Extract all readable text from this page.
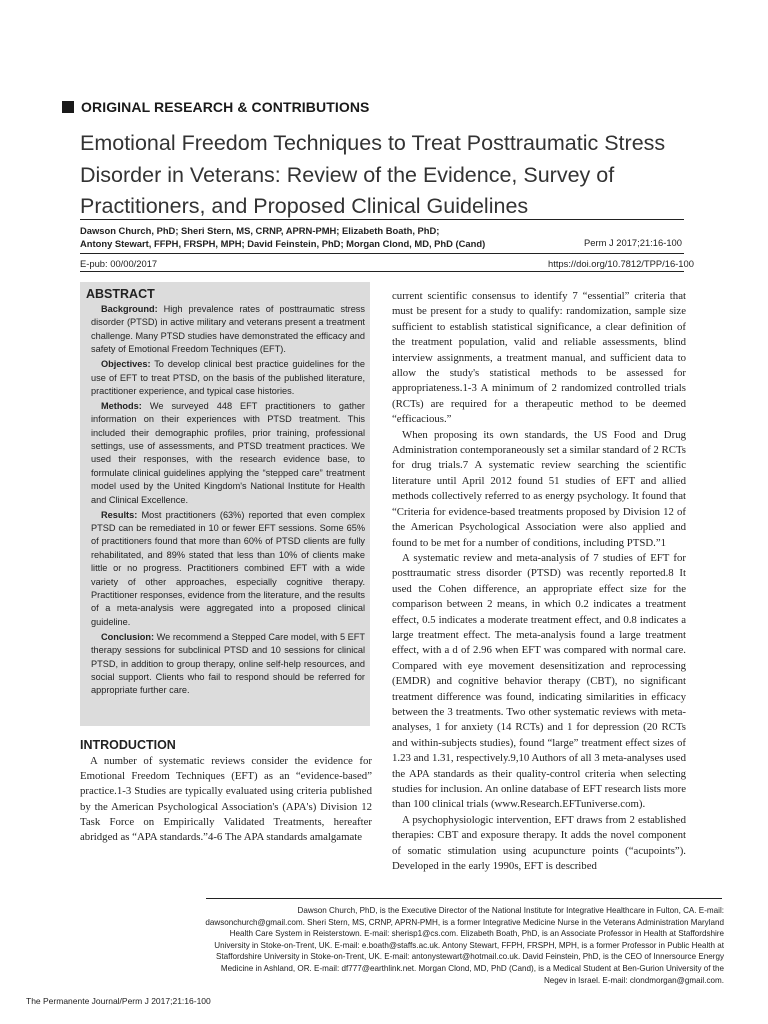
ORIGINAL RESEARCH & CONTRIBUTIONS
Emotional Freedom Techniques to Treat Posttraumatic Stress
Disorder in Veterans: Review of the Evidence, Survey of
Practitioners, and Proposed Clinical Guidelines
Dawson Church, PhD; Sheri Stern, MS, CRNP, APRN-PMH; Elizabeth Boath, PhD;
Antony Stewart, FFPH, FRSPH, MPH; David Feinstein, PhD; Morgan Clond, MD, PhD (Cand)	Perm J 2017;21:16-100
E-pub: 00/00/2017	https://doi.org/10.7812/TPP/16-100
ABSTRACT

Background: High prevalence rates of posttraumatic stress disorder (PTSD) in active military and veterans present a treatment challenge. Many PTSD studies have demonstrated the efficacy and safety of Emotional Freedom Techniques (EFT).

Objectives: To develop clinical best practice guidelines for the use of EFT to treat PTSD, on the basis of the published literature, practitioner experience, and typical case histories.

Methods: We surveyed 448 EFT practitioners to gather information on their experiences with PTSD treatment. This included their demographic profiles, prior training, professional settings, use of assessments, and PTSD treatment practices. We used their responses, with the research evidence base, to formulate clinical guidelines applying the “stepped care” treatment model used by the United Kingdom's National Institute for Health and Clinical Excellence.

Results: Most practitioners (63%) reported that even complex PTSD can be remediated in 10 or fewer EFT sessions. Some 65% of practitioners found that more than 60% of PTSD clients are fully rehabilitated, and 89% stated that less than 10% of clients make little or no progress. Practitioners combined EFT with a wide variety of other approaches, especially cognitive therapy. Practitioner responses, evidence from the literature, and the results of a meta-analysis were aggregated into a proposed clinical guideline.

Conclusion: We recommend a Stepped Care model, with 5 EFT therapy sessions for subclinical PTSD and 10 sessions for clinical PTSD, in addition to group therapy, online self-help resources, and social support. Clients who fail to respond should be referred for appropriate further care.

INTRODUCTION

A number of systematic reviews consider the evidence for Emotional Freedom Techniques (EFT) as an “evidence-based” practice.1-3 Studies are typically evaluated using criteria published by the American Psychological Association's (APA's) Division 12 Task Force on Empirically Validated Treatments, hereafter abridged as “APA standards.”4-6 The APA standards amalgamate

current scientific consensus to identify 7 “essential” criteria that must be present for a study to qualify: randomization, sample size sufficient to establish statistical significance, a clear definition of the treatment population, valid and reliable assessments, blind interview assignments, a treatment manual, and sufficient data to allow the study's statistical methods to be assessed for appropriateness.1-3 A minimum of 2 randomized controlled trials (RCTs) are required for a therapeutic method to be deemed “efficacious.”

When proposing its own standards, the US Food and Drug Administration contemporaneously set a similar standard of 2 RCTs for drug trials.7 A systematic review searching the scientific literature until April 2012 found 51 studies of EFT and allied methods collectively referred to as energy psychology. It found that “Criteria for evidence-based treatments proposed by Division 12 of the American Psychological Association were also applied and found to be met for a number of conditions, including PTSD.”1

A systematic review and meta-analysis of 7 studies of EFT for posttraumatic stress disorder (PTSD) was recently reported.8 It used the Cohen difference, an appropriate effect size for the comparison between 2 means, in which 0.2 indicates a treatment effect, 0.5 indicates a moderate treatment effect, and 0.8 indicates a large treatment effect. The meta-analysis found a large treatment effect, with a d of 2.96 when EFT was compared with normal care. Compared with eye movement desensitization and reprocessing (EMDR) and cognitive behavior therapy (CBT), no significant treatment difference was found, indicating similarities in efficacy between the 3 treatments. Two other systematic reviews with meta-analyses, 1 for anxiety (14 RCTs) and 1 for depression (20 RCTs and within-subjects studies), found “large” treatment effect sizes of 1.23 and 1.31, respectively.9,10 Authors of all 3 meta-analyses used the APA standards as their quality-control criteria when selecting studies for inclusion. An online database of EFT research lists more than 100 clinical trials (www.Research.EFTuniverse.com).

A psychophysiologic intervention, EFT draws from 2 established therapies: CBT and exposure therapy. It adds the novel component of somatic stimulation using acupuncture points (“acupoints”). Developed in the early 1990s, EFT is described

Dawson Church, PhD, is the Executive Director of the National Institute for Integrative Healthcare in Fulton, CA. E-mail: dawsonchurch@gmail.com. Sheri Stern, MS, CRNP, APRN-PMH, is a former Integrative Medicine Nurse in the Veterans Administration Maryland Health Care System in Reisterstown. E-mail: sherisp1@cs.com. Elizabeth Boath, PhD, is an Associate Professor in Health at Staffordshire University in Stoke-on-Trent, UK. E-mail: e.boath@staffs.ac.uk. Antony Stewart, FFPH, FRSPH, MPH, is a former Professor in Public Health at Staffordshire University in Stoke-on-Trent, UK. E-mail: antonystewart@hotmail.co.uk. David Feinstein, PhD, is the CEO of Innersource Energy Medicine in Ashland, OR. E-mail: df777@earthlink.net. Morgan Clond, MD, PhD (Cand), is a Medical Student at Ben-Gurion University of the Negev in Israel. E-mail: clondmorgan@gmail.com.
The Permanente Journal/Perm J 2017;21:16-100
